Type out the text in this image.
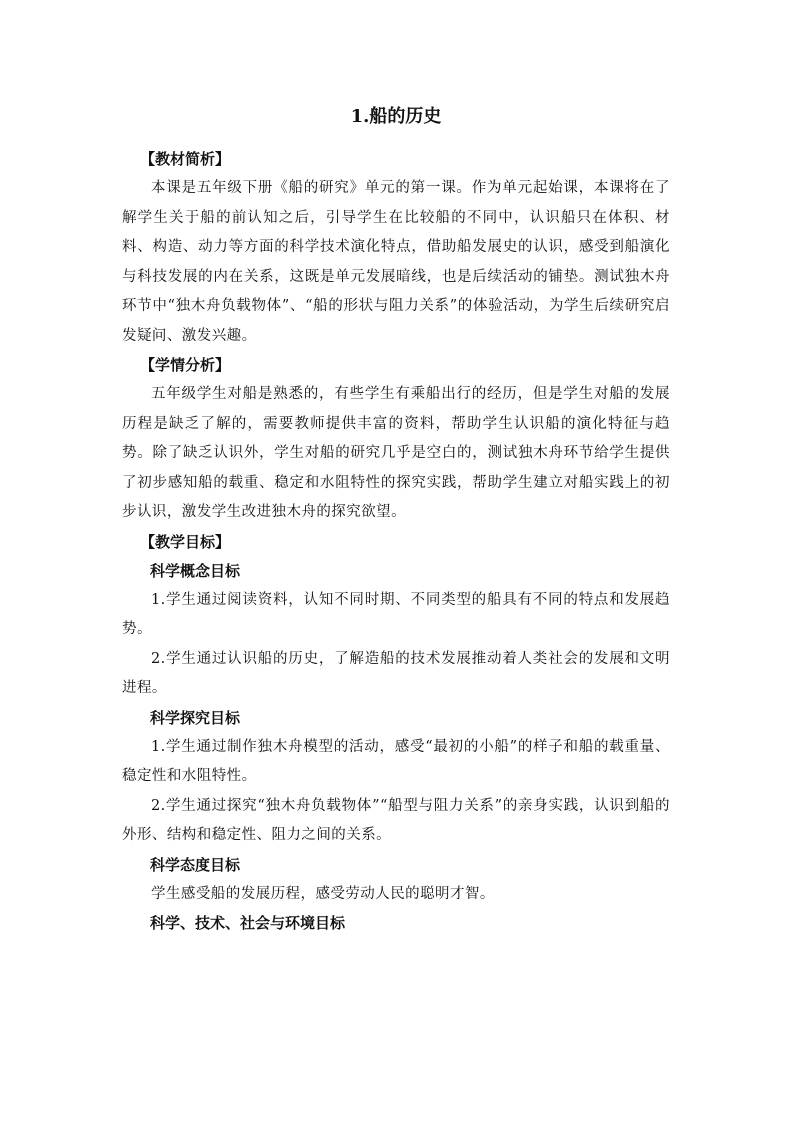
1.船的历史

【教材简析】

本课是五年级下册《船的研究》单元的第一课。作为单元起始课，本课将在了解学生关于船的前认知之后，引导学生在比较船的不同中，认识船只在体积、材料、构造、动力等方面的科学技术演化特点，借助船发展史的认识，感受到船演化与科技发展的内在关系，这既是单元发展暗线，也是后续活动的铺垫。测试独木舟环节中“独木舟负载物体”、“船的形状与阻力关系”的体验活动，为学生后续研究启发疑问、激发兴趣。

【学情分析】

五年级学生对船是熟悉的，有些学生有乘船出行的经历，但是学生对船的发展历程是缺乏了解的，需要教师提供丰富的资料，帮助学生认识船的演化特征与趋势。除了缺乏认识外，学生对船的研究几乎是空白的，测试独木舟环节给学生提供了初步感知船的载重、稳定和水阻特性的探究实践，帮助学生建立对船实践上的初步认识，激发学生改进独木舟的探究欲望。

【教学目标】

科学概念目标

1.学生通过阅读资料，认知不同时期、不同类型的船具有不同的特点和发展趋势。

2.学生通过认识船的历史，了解造船的技术发展推动着人类社会的发展和文明进程。

科学探究目标

1.学生通过制作独木舟模型的活动，感受“最初的小船”的样子和船的载重量、稳定性和水阻特性。

2.学生通过探究“独木舟负载物体”“船型与阻力关系”的亲身实践，认识到船的外形、结构和稳定性、阻力之间的关系。

科学态度目标

学生感受船的发展历程，感受劳动人民的聪明才智。

科学、技术、社会与环境目标
